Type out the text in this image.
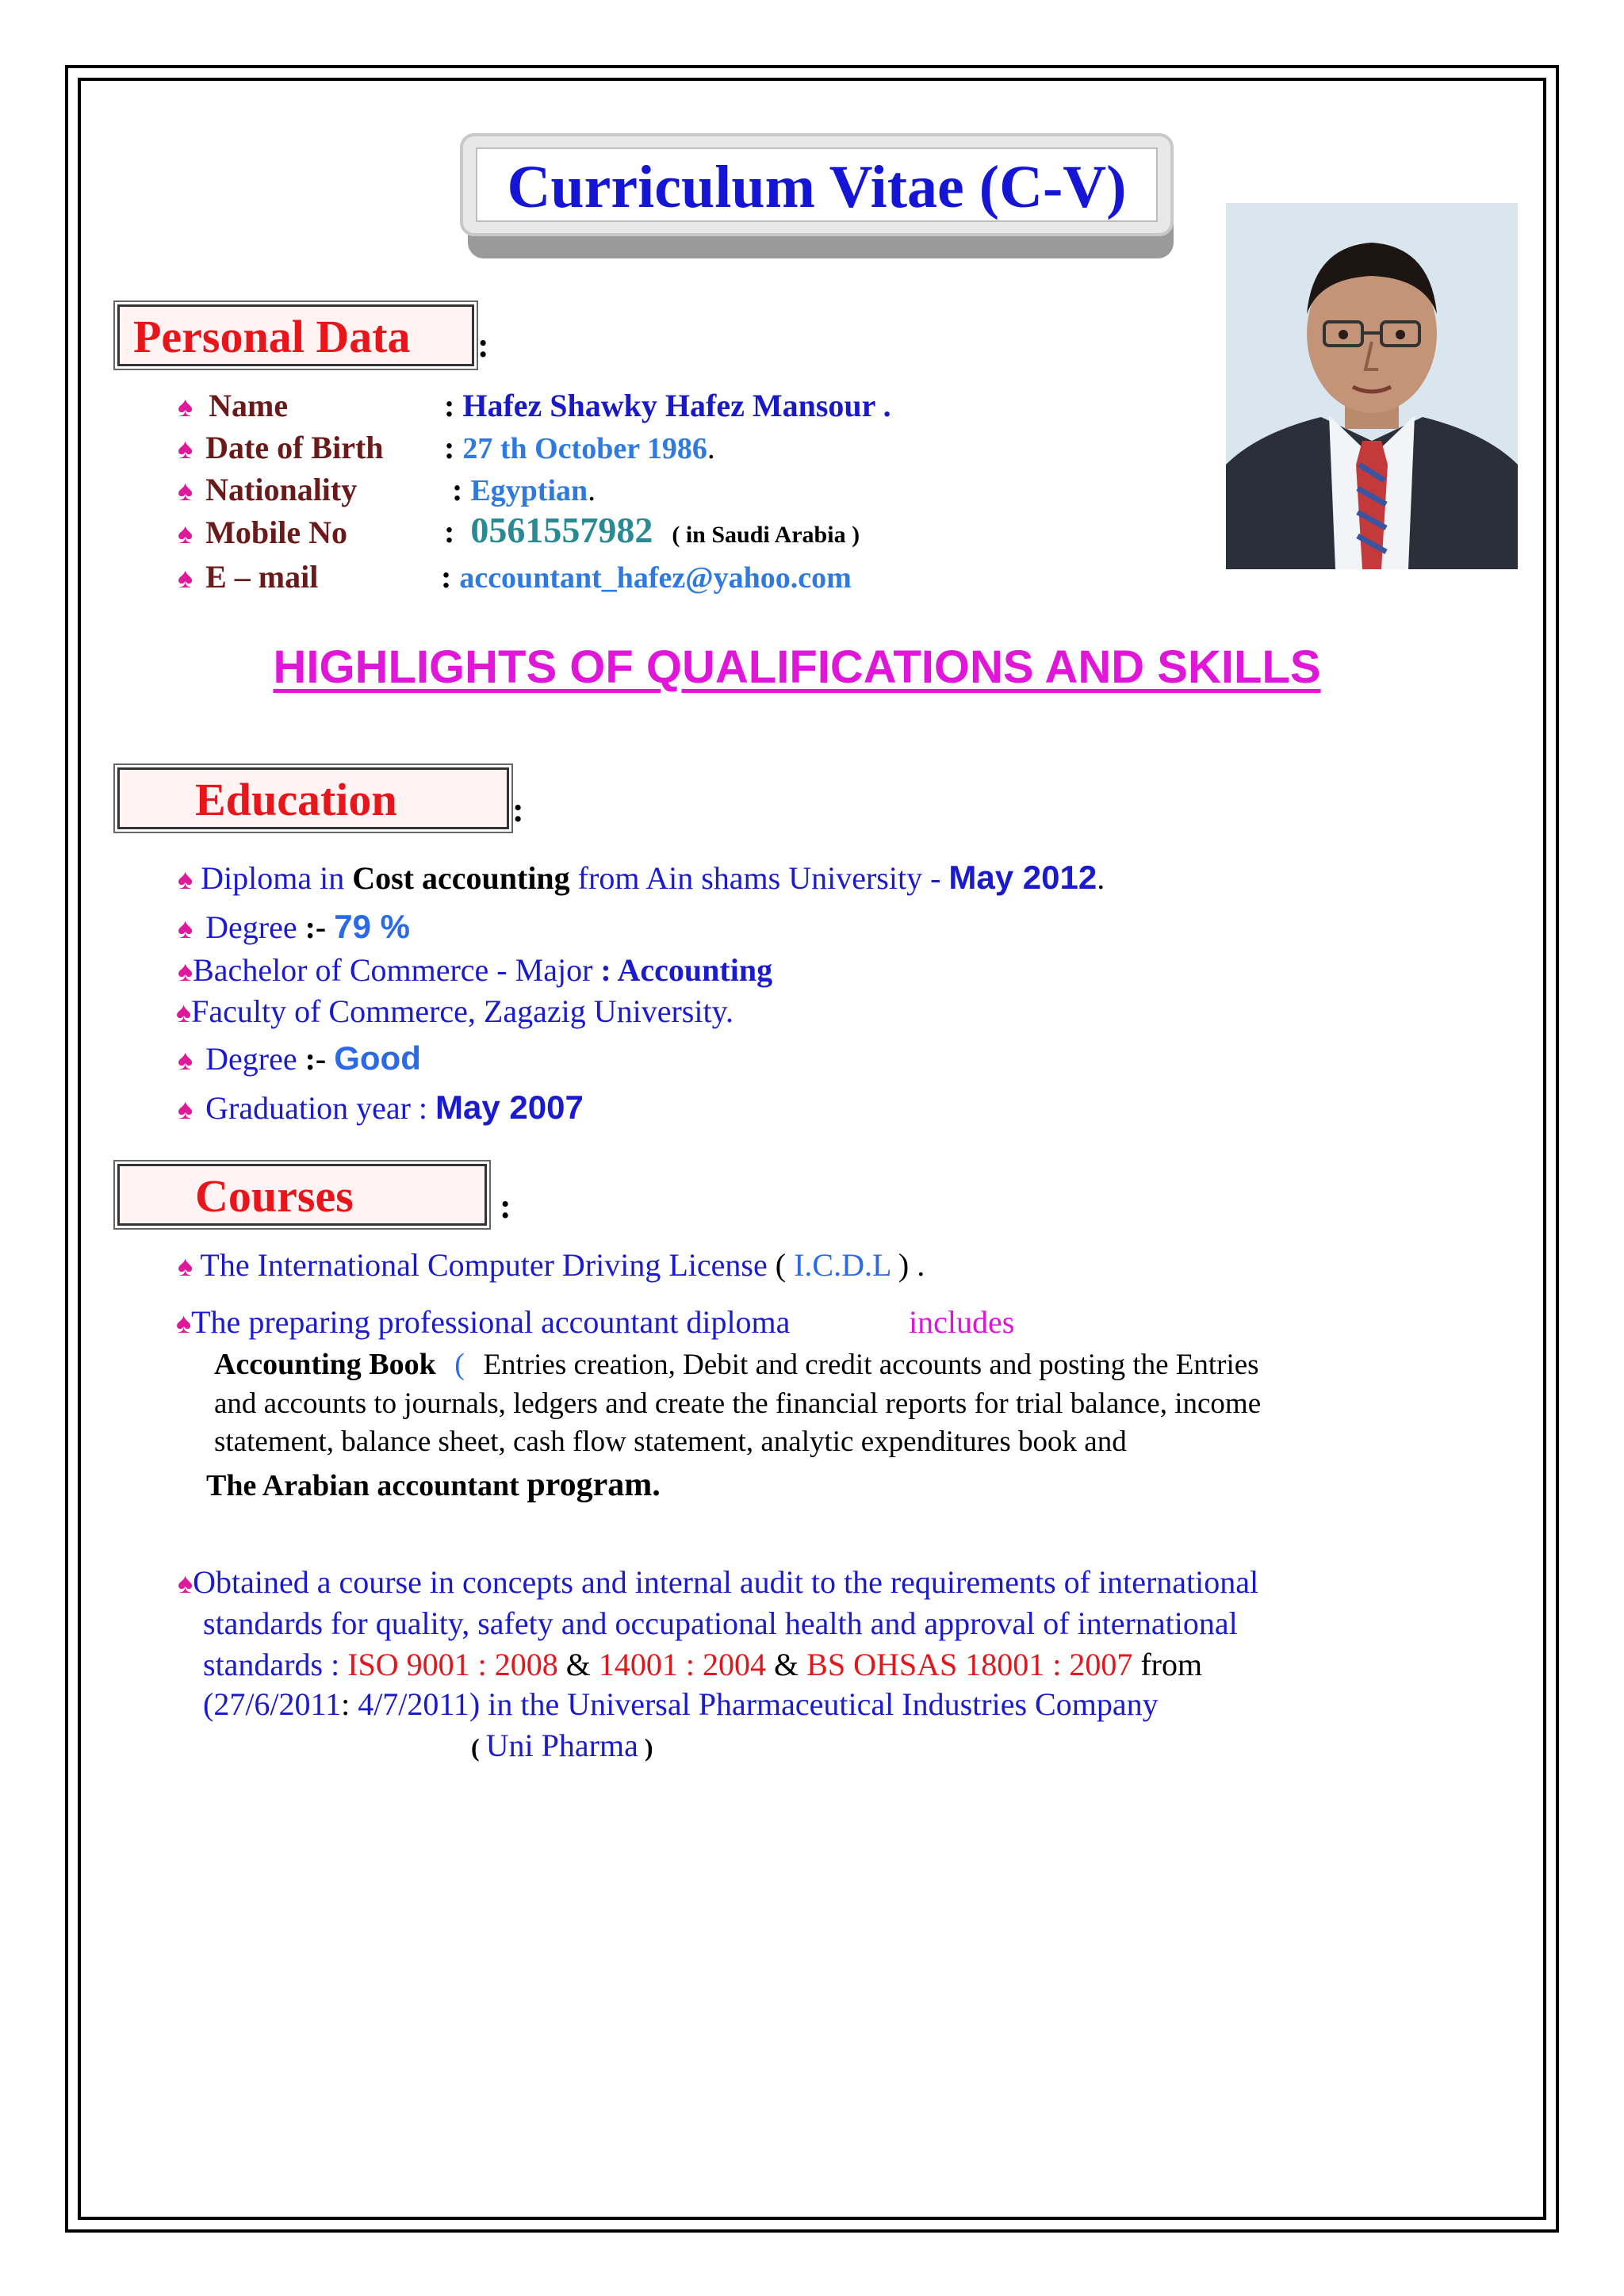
Curriculum Vitae (C-V)
Personal Data :
♠ Name	: Hafez Shawky Hafez Mansour .
♠ Date of Birth : 27 th October 1986.
♠ Nationality	: Egyptian.
♠ Mobile No	: 0561557982 ( in Saudi Arabia )
♠ E – mail	: accountant_hafez@yahoo.com
HIGHLIGHTS OF QUALIFICATIONS AND SKILLS
Education	:
♠ Diploma in Cost accounting from Ain shams University - May 2012.
♠ Degree :- 79 %
♠Bachelor of Commerce - Major : Accounting
♠Faculty of Commerce, Zagazig University.
♠ Degree :- Good
♠ Graduation year : May 2007
Courses	:
♠ The International Computer Driving License ( I.C.D.L ) .
♠The preparing professional accountant diploma	includes
Accounting Book ( Entries creation, Debit and credit accounts and posting the Entries
and accounts to journals, ledgers and create the financial reports for trial balance, income
statement, balance sheet, cash flow statement, analytic expenditures book and
The Arabian accountant program.
♠Obtained a course in concepts and internal audit to the requirements of international
standards for quality, safety and occupational health and approval of international
standards : ISO 9001 : 2008 & 14001 : 2004 & BS OHSAS 18001 : 2007 from
(27/6/2011: 4/7/2011) in the Universal Pharmaceutical Industries Company
( Uni Pharma )
